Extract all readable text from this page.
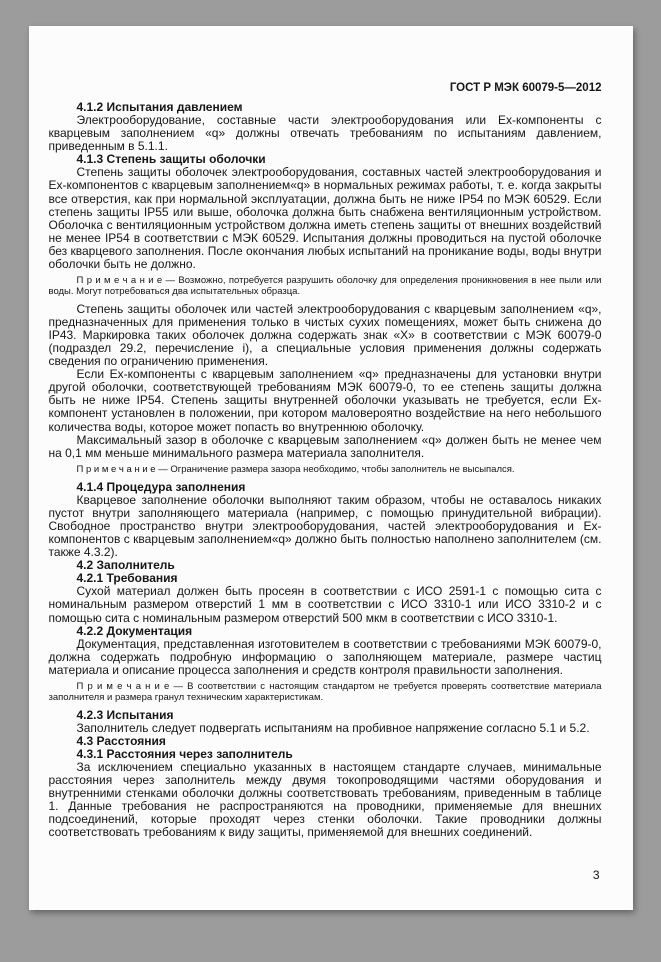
ГОСТ Р МЭК 60079-5—2012

4.1.2 Испытания давлением

Электрооборудование, составные части электрооборудования или Ex-компоненты с кварцевым заполнением «q» должны отвечать требованиям по испытаниям давлением, приведенным в 5.1.1.

4.1.3 Степень защиты оболочки

Степень защиты оболочек электрооборудования, составных частей электрооборудования и Ex-компонентов с кварцевым заполнением«q» в нормальных режимах работы, т. е. когда закрыты все отверстия, как при нормальной эксплуатации, должна быть не ниже IP54 по МЭК 60529. Если степень защиты IP55 или выше, оболочка должна быть снабжена вентиляционным устройством. Оболочка с вентиляционным устройством должна иметь степень защиты от внешних воздействий не менее IP54 в соответствии с МЭК 60529. Испытания должны проводиться на пустой оболочке без кварцевого заполнения. После окончания любых испытаний на проникание воды, воды внутри оболочки быть не должно.

П р и м е ч а н и е — Возможно, потребуется разрушить оболочку для определения проникновения в нее пыли или воды. Могут потребоваться два испытательных образца.

Степень защиты оболочек или частей электрооборудования с кварцевым заполнением «q», предназначенных для применения только в чистых сухих помещениях, может быть снижена до IP43. Маркировка таких оболочек должна содержать знак «X» в соответствии с МЭК 60079-0 (подраздел 29.2, перечисление i), а специальные условия применения должны содержать сведения по ограничению применения.

Если Ex-компоненты с кварцевым заполнением «q» предназначены для установки внутри другой оболочки, соответствующей требованиям МЭК 60079-0, то ее степень защиты должна быть не ниже IP54. Степень защиты внутренней оболочки указывать не требуется, если Ex-компонент установлен в положении, при котором маловероятно воздействие на него небольшого количества воды, которое может попасть во внутреннюю оболочку.

Максимальный зазор в оболочке с кварцевым заполнением «q» должен быть не менее чем на 0,1 мм меньше минимального размера материала заполнителя.

П р и м е ч а н и е — Ограничение размера зазора необходимо, чтобы заполнитель не высыпался.

4.1.4 Процедура заполнения

Кварцевое заполнение оболочки выполняют таким образом, чтобы не оставалось никаких пустот внутри заполняющего материала (например, с помощью принудительной вибрации). Свободное пространство внутри электрооборудования, частей электрооборудования и Ex-компонентов с кварцевым заполнением«q» должно быть полностью наполнено заполнителем (см. также 4.3.2).

4.2 Заполнитель

4.2.1 Требования

Сухой материал должен быть просеян в соответствии с ИСО 2591-1 с помощью сита с номинальным размером отверстий 1 мм в соответствии с ИСО 3310-1 или ИСО 3310-2 и с помощью сита с номинальным размером отверстий 500 мкм в соответствии с ИСО 3310-1.

4.2.2 Документация

Документация, представленная изготовителем в соответствии с требованиями МЭК 60079-0, должна содержать подробную информацию о заполняющем материале, размере частиц материала и описание процесса заполнения и средств контроля правильности заполнения.

П р и м е ч а н и е — В соответствии с настоящим стандартом не требуется проверять соответствие материала заполнителя и размера гранул техническим характеристикам.

4.2.3 Испытания

Заполнитель следует подвергать испытаниям на пробивное напряжение согласно 5.1 и 5.2.

4.3 Расстояния

4.3.1 Расстояния через заполнитель

За исключением специально указанных в настоящем стандарте случаев, минимальные расстояния через заполнитель между двумя токопроводящими частями оборудования и внутренними стенками оболочки должны соответствовать требованиям, приведенным в таблице 1. Данные требования не распространяются на проводники, применяемые для внешних подсоединений, которые проходят через стенки оболочки. Такие проводники должны соответствовать требованиям к виду защиты, применяемой для внешних соединений.

3
